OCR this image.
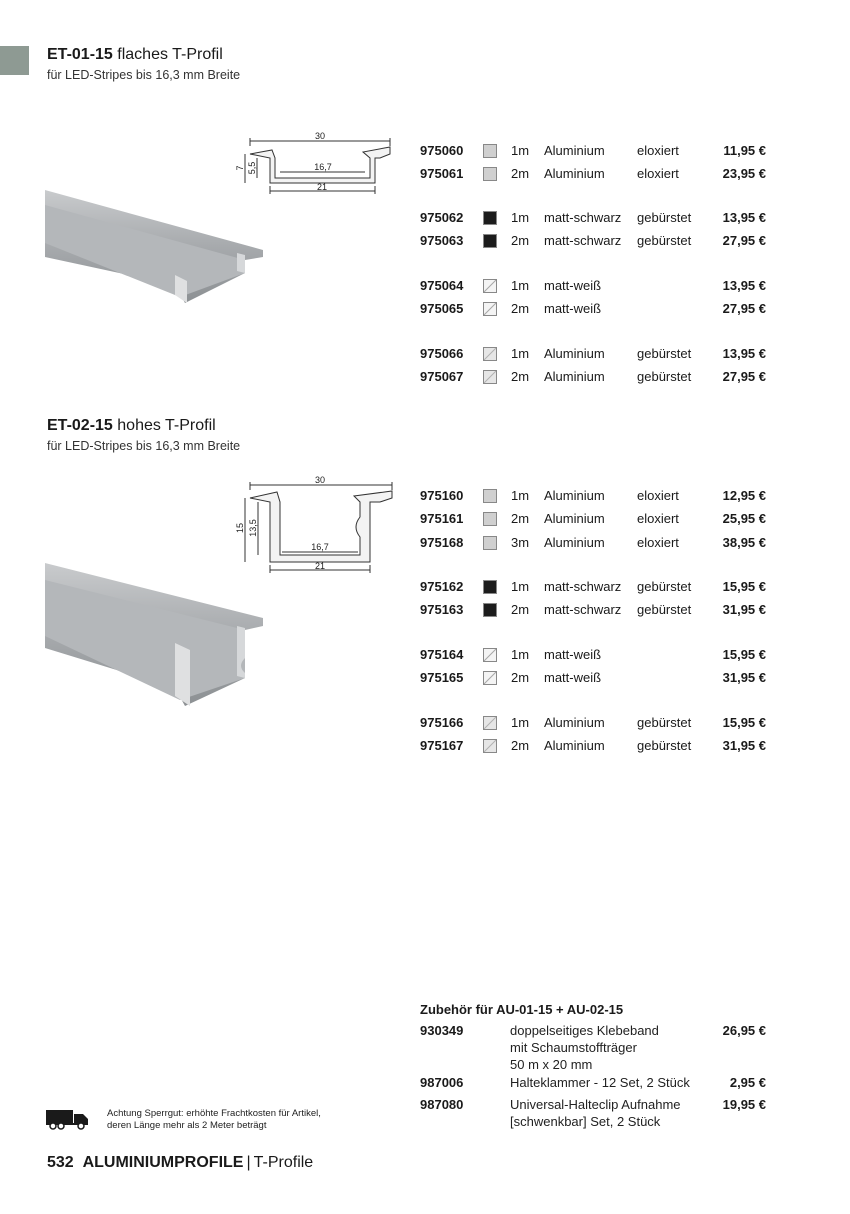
ET-01-15 flaches T-Profil
für LED-Stripes bis 16,3 mm Breite
30
16,7
21
7 5,5
975060	1m Aluminium eloxiert	11,95 €
975061	2m Aluminium eloxiert	23,95 €
975062	1m matt-schwarz gebürstet 13,95 €
975063	2m matt-schwarz gebürstet 27,95 €
975064	1m matt-weiß	13,95 €
975065	2m matt-weiß	27,95 €
975066	1m Aluminium gebürstet 13,95 €
975067	2m Aluminium gebürstet 27,95 €
ET-02-15 hohes T-Profil
für LED-Stripes bis 16,3 mm Breite
30
16,7
21
15 13,5
975160	1m Aluminium eloxiert	12,95 €
975161	2m Aluminium eloxiert	25,95 €
975168	3m Aluminium eloxiert	38,95 €
975162	1m matt-schwarz gebürstet 15,95 €
975163	2m matt-schwarz gebürstet 31,95 €
975164	1m matt-weiß	15,95 €
975165	2m matt-weiß	31,95 €
975166	1m Aluminium gebürstet 15,95 €
975167	2m Aluminium gebürstet 31,95 €
Zubehör für AU-01-15 + AU-02-15
930349	doppelseitiges Klebeband
mit Schaumstoffträger
50 m x 20 mm
26,95 €
987006	Halteklammer - 12 Set, 2 Stück	2,95 €
987080	Universal-Halteclip Aufnahme
[schwenkbar] Set, 2 Stück
19,95 €
Achtung Sperrgut: erhöhte Frachtkosten für Artikel,
deren Länge mehr als 2 Meter beträgt
532 ALUMINIUMPROFILE | T-Profile
